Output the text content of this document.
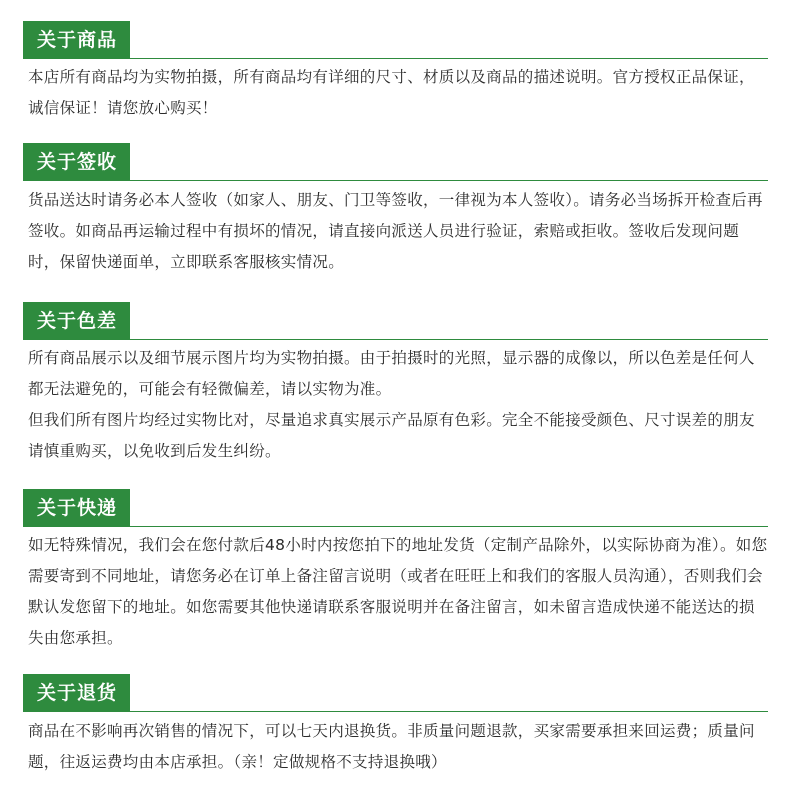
关于商品

本店所有商品均为实物拍摄，所有商品均有详细的尺寸、材质以及商品的描述说明。官方授权正品保证，诚信保证！请您放心购买！

关于签收

货品送达时请务必本人签收（如家人、朋友、门卫等签收，一律视为本人签收）。请务必当场拆开检查后再签收。如商品再运输过程中有损坏的情况，请直接向派送人员进行验证，索赔或拒收。签收后发现问题时，保留快递面单，立即联系客服核实情况。

关于色差

所有商品展示以及细节展示图片均为实物拍摄。由于拍摄时的光照，显示器的成像以，所以色差是任何人都无法避免的，可能会有轻微偏差，请以实物为准。

但我们所有图片均经过实物比对，尽量追求真实展示产品原有色彩。完全不能接受颜色、尺寸误差的朋友请慎重购买，以免收到后发生纠纷。

关于快递

如无特殊情况，我们会在您付款后48小时内按您拍下的地址发货（定制产品除外，以实际协商为准）。如您需要寄到不同地址，请您务必在订单上备注留言说明（或者在旺旺上和我们的客服人员沟通），否则我们会默认发您留下的地址。如您需要其他快递请联系客服说明并在备注留言，如未留言造成快递不能送达的损失由您承担。

关于退货

商品在不影响再次销售的情况下，可以七天内退换货。非质量问题退款，买家需要承担来回运费；质量问题，往返运费均由本店承担。（亲！定做规格不支持退换哦）
